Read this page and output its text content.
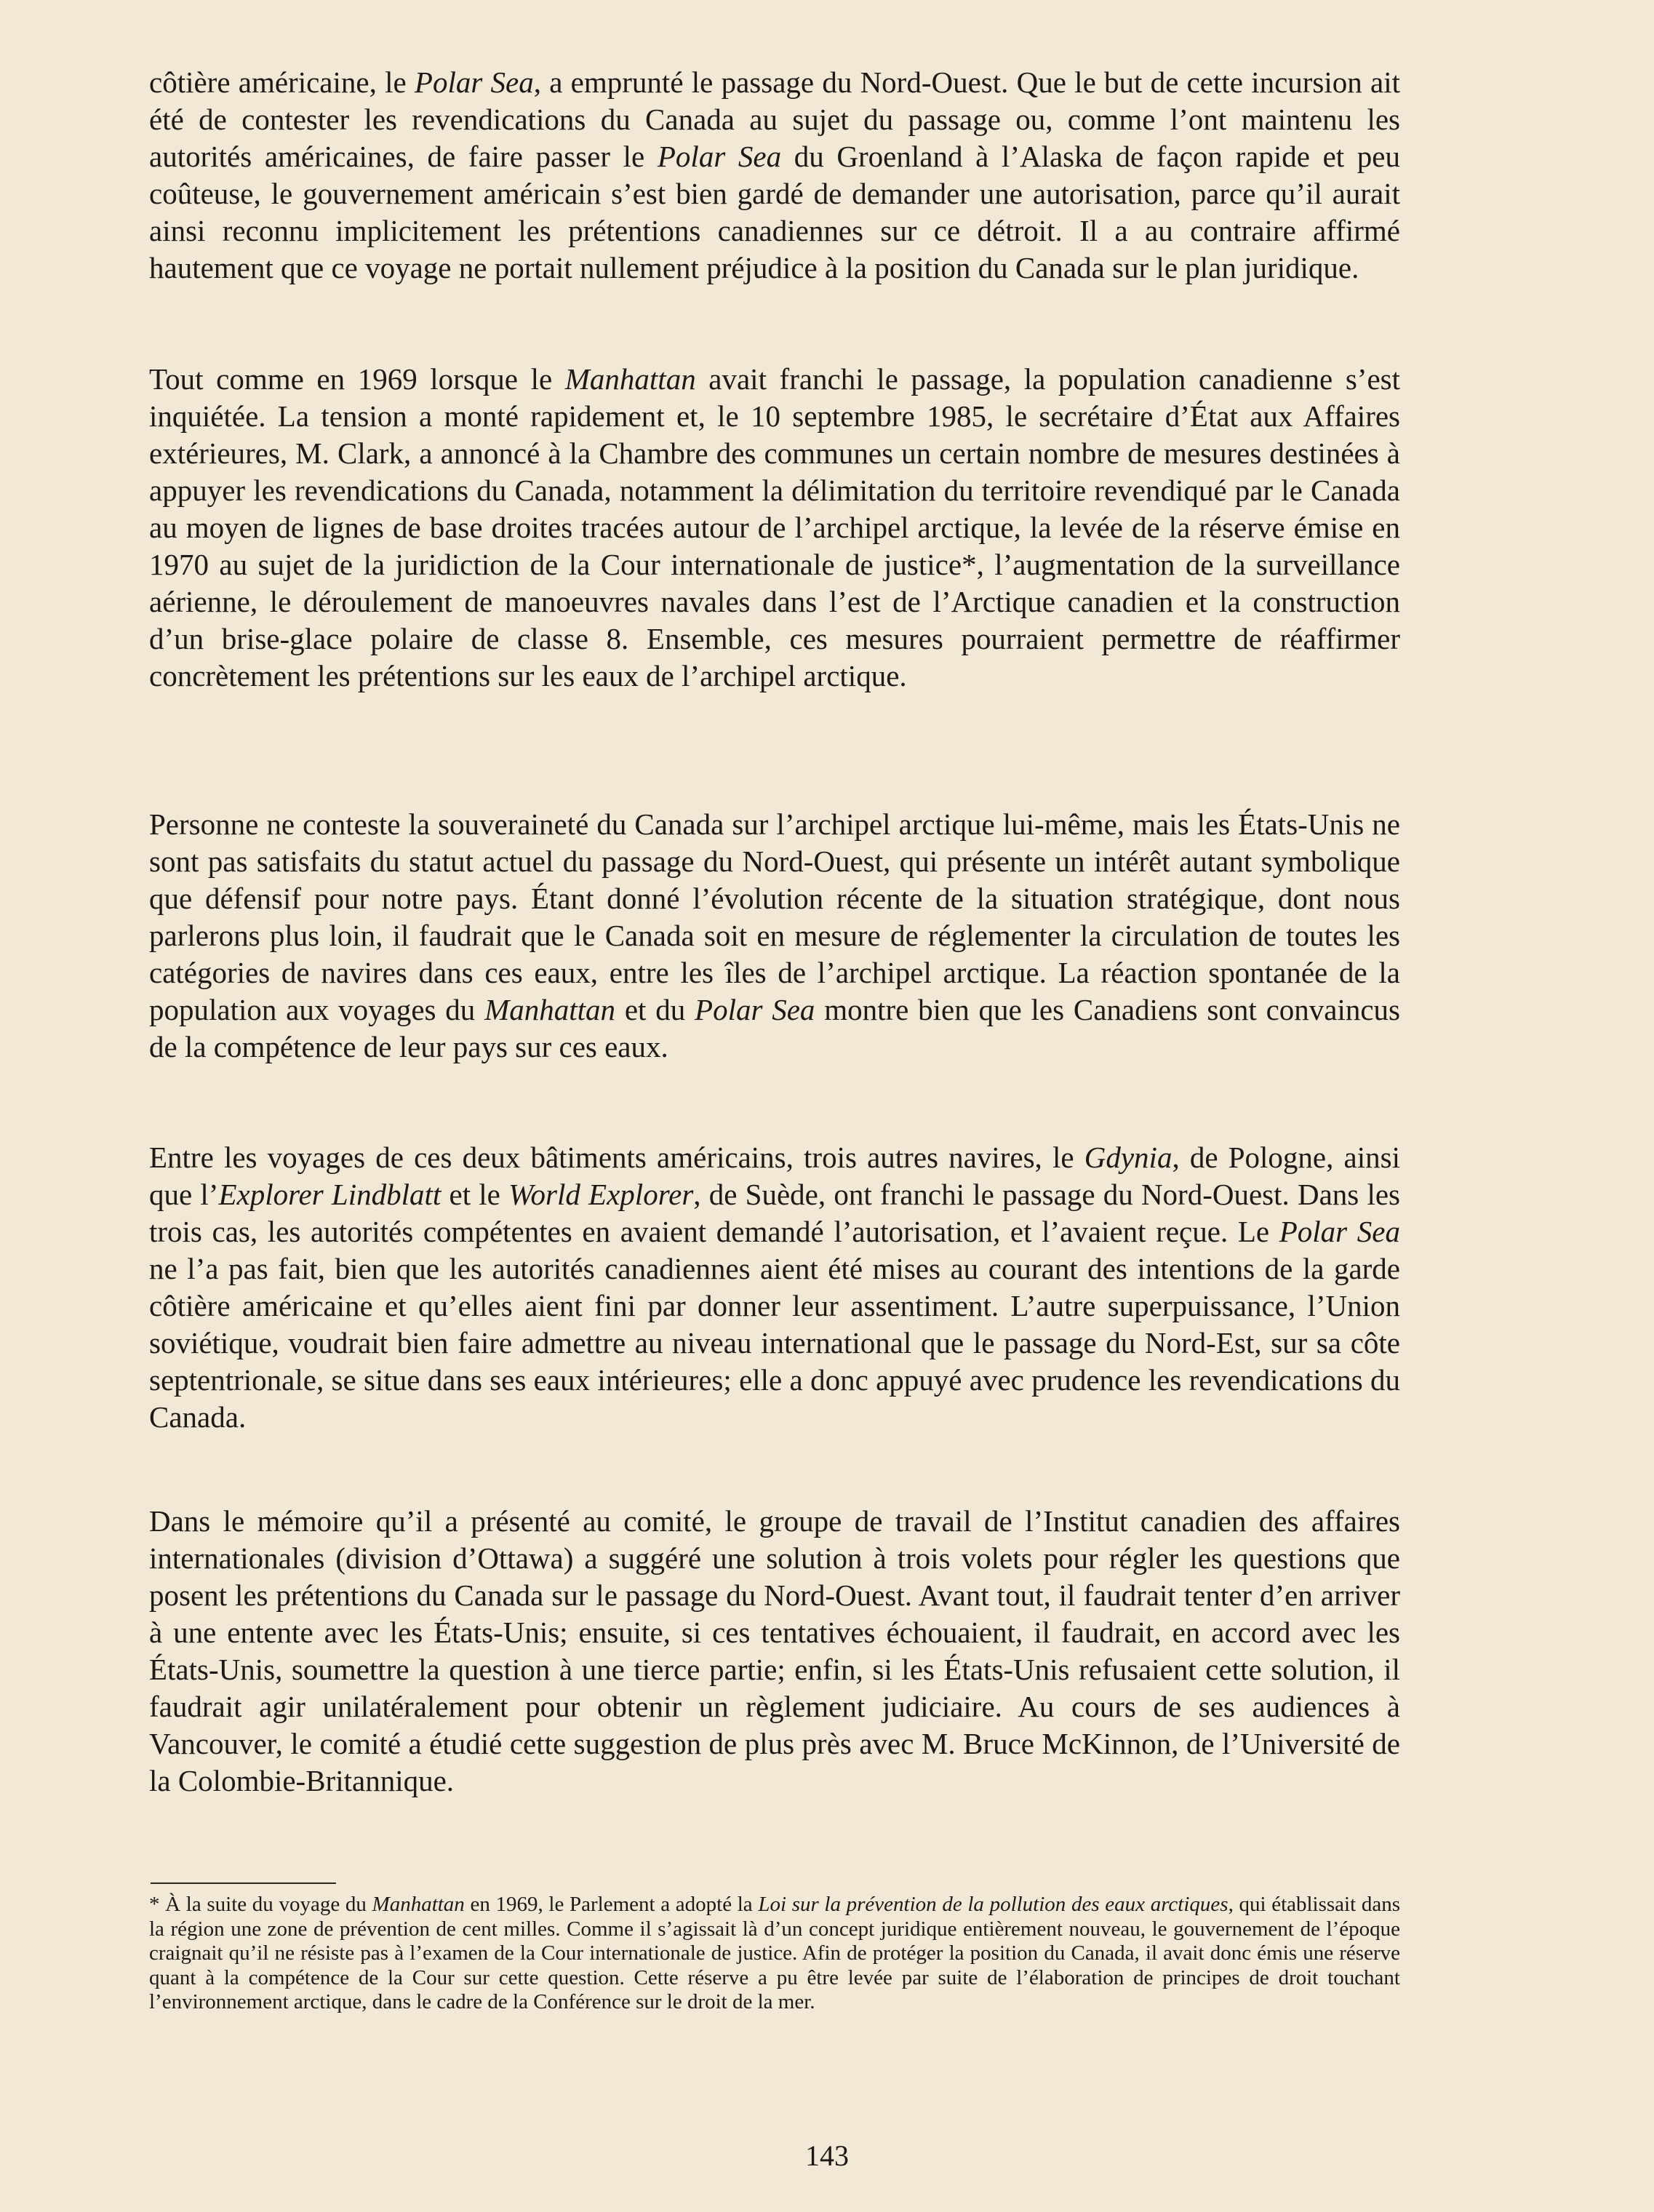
côtière américaine, le Polar Sea, a emprunté le passage du Nord-Ouest. Que le but de cette incursion ait été de contester les revendications du Canada au sujet du passage ou, comme l’ont maintenu les autorités américaines, de faire passer le Polar Sea du Groenland à l’Alaska de façon rapide et peu coûteuse, le gouvernement américain s’est bien gardé de demander une autorisation, parce qu’il aurait ainsi reconnu implicitement les prétentions canadiennes sur ce détroit. Il a au contraire affirmé hautement que ce voyage ne portait nullement préjudice à la position du Canada sur le plan juridique.

Tout comme en 1969 lorsque le Manhattan avait franchi le passage, la population canadienne s’est inquiétée. La tension a monté rapidement et, le 10 septembre 1985, le secrétaire d’État aux Affaires extérieures, M. Clark, a annoncé à la Chambre des communes un certain nombre de mesures destinées à appuyer les revendications du Canada, notamment la délimitation du territoire revendiqué par le Canada au moyen de lignes de base droites tracées autour de l’archipel arctique, la levée de la réserve émise en 1970 au sujet de la juridiction de la Cour internationale de justice*, l’augmentation de la surveillance aérienne, le déroulement de manoeuvres navales dans l’est de l’Arctique canadien et la construction d’un brise-glace polaire de classe 8. Ensemble, ces mesures pourraient permettre de réaffirmer concrètement les prétentions sur les eaux de l’archipel arctique.

Personne ne conteste la souveraineté du Canada sur l’archipel arctique lui-même, mais les États-Unis ne sont pas satisfaits du statut actuel du passage du Nord-Ouest, qui présente un intérêt autant symbolique que défensif pour notre pays. Étant donné l’évolution récente de la situation stratégique, dont nous parlerons plus loin, il faudrait que le Canada soit en mesure de réglementer la circulation de toutes les catégories de navires dans ces eaux, entre les îles de l’archipel arctique. La réaction spontanée de la population aux voyages du Manhattan et du Polar Sea montre bien que les Canadiens sont convaincus de la compétence de leur pays sur ces eaux.

Entre les voyages de ces deux bâtiments américains, trois autres navires, le Gdynia, de Pologne, ainsi que l’Explorer Lindblatt et le World Explorer, de Suède, ont franchi le passage du Nord-Ouest. Dans les trois cas, les autorités compétentes en avaient demandé l’autorisation, et l’avaient reçue. Le Polar Sea ne l’a pas fait, bien que les autorités canadiennes aient été mises au courant des intentions de la garde côtière américaine et qu’elles aient fini par donner leur assentiment. L’autre superpuissance, l’Union soviétique, voudrait bien faire admettre au niveau international que le passage du Nord-Est, sur sa côte septentrionale, se situe dans ses eaux intérieures; elle a donc appuyé avec prudence les revendications du Canada.

Dans le mémoire qu’il a présenté au comité, le groupe de travail de l’Institut canadien des affaires internationales (division d’Ottawa) a suggéré une solution à trois volets pour régler les questions que posent les prétentions du Canada sur le passage du Nord-Ouest. Avant tout, il faudrait tenter d’en arriver à une entente avec les États-Unis; ensuite, si ces tentatives échouaient, il faudrait, en accord avec les États-Unis, soumettre la question à une tierce partie; enfin, si les États-Unis refusaient cette solution, il faudrait agir unilatéralement pour obtenir un règlement judiciaire. Au cours de ses audiences à Vancouver, le comité a étudié cette suggestion de plus près avec M. Bruce McKinnon, de l’Université de la Colombie-Britannique.

* À la suite du voyage du Manhattan en 1969, le Parlement a adopté la Loi sur la prévention de la pollution des eaux arctiques, qui établissait dans la région une zone de prévention de cent milles. Comme il s’agissait là d’un concept juridique entièrement nouveau, le gouvernement de l’époque craignait qu’il ne résiste pas à l’examen de la Cour internationale de justice. Afin de protéger la position du Canada, il avait donc émis une réserve quant à la compétence de la Cour sur cette question. Cette réserve a pu être levée par suite de l’élaboration de principes de droit touchant l’environnement arctique, dans le cadre de la Conférence sur le droit de la mer.

143
